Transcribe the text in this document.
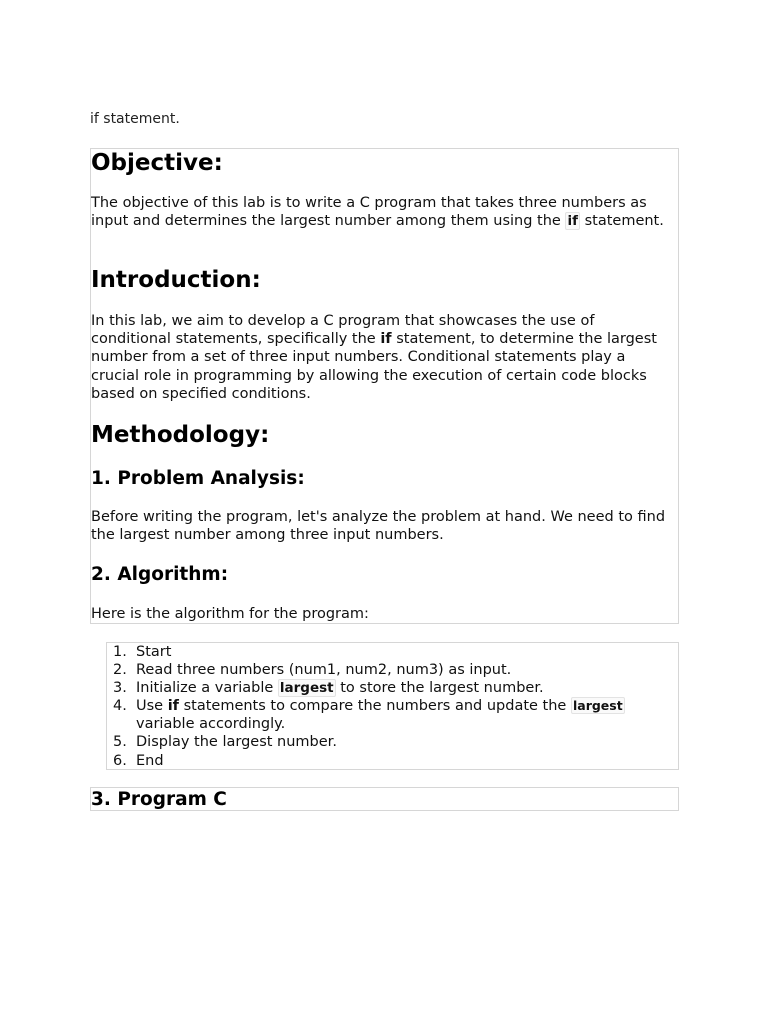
if statement.
Objective:

The objective of this lab is to write a C program that takes three numbers as input and determines the largest number among them using the if statement.

Introduction:

In this lab, we aim to develop a C program that showcases the use of conditional statements, specifically the if statement, to determine the largest number from a set of three input numbers. Conditional statements play a crucial role in programming by allowing the execution of certain code blocks based on specified conditions.

Methodology:
1. Problem Analysis:

Before writing the program, let's analyze the problem at hand. We need to find the largest number among three input numbers.

2. Algorithm:

Here is the algorithm for the program:

1. Start
2. Read three numbers (num1, num2, num3) as input.
3. Initialize a variable largest to store the largest number.
4. Use if statements to compare the numbers and update the largest variable accordingly.
5. Display the largest number.
6. End
3. Program C
